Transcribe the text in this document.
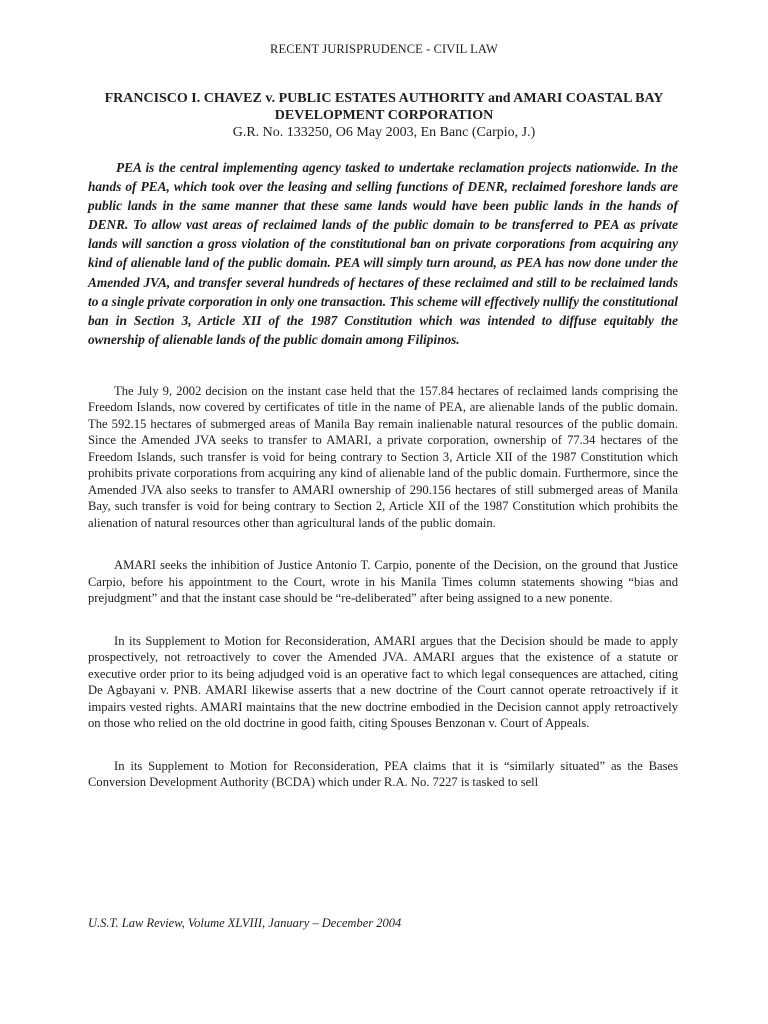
RECENT JURISPRUDENCE - CIVIL LAW

FRANCISCO I. CHAVEZ v. PUBLIC ESTATES AUTHORITY and AMARI COASTAL BAY DEVELOPMENT CORPORATION

G.R. No. 133250, O6 May 2003, En Banc (Carpio, J.)

PEA is the central implementing agency tasked to undertake reclamation projects nationwide. In the hands of PEA, which took over the leasing and selling functions of DENR, reclaimed foreshore lands are public lands in the same manner that these same lands would have been public lands in the hands of DENR. To allow vast areas of reclaimed lands of the public domain to be transferred to PEA as private lands will sanction a gross violation of the constitutional ban on private corporations from acquiring any kind of alienable land of the public domain. PEA will simply turn around, as PEA has now done under the Amended JVA, and transfer several hundreds of hectares of these reclaimed and still to be reclaimed lands to a single private corporation in only one transaction. This scheme will effectively nullify the constitutional ban in Section 3, Article XII of the 1987 Constitution which was intended to diffuse equitably the ownership of alienable lands of the public domain among Filipinos.

The July 9, 2002 decision on the instant case held that the 157.84 hectares of reclaimed lands comprising the Freedom Islands, now covered by certificates of title in the name of PEA, are alienable lands of the public domain. The 592.15 hectares of submerged areas of Manila Bay remain inalienable natural resources of the public domain. Since the Amended JVA seeks to transfer to AMARI, a private corporation, ownership of 77.34 hectares of the Freedom Islands, such transfer is void for being contrary to Section 3, Article XII of the 1987 Constitution which prohibits private corporations from acquiring any kind of alienable land of the public domain. Furthermore, since the Amended JVA also seeks to transfer to AMARI ownership of 290.156 hectares of still submerged areas of Manila Bay, such transfer is void for being contrary to Section 2, Article XII of the 1987 Constitution which prohibits the alienation of natural resources other than agricultural lands of the public domain.

AMARI seeks the inhibition of Justice Antonio T. Carpio, ponente of the Decision, on the ground that Justice Carpio, before his appointment to the Court, wrote in his Manila Times column statements showing “bias and prejudgment” and that the instant case should be “re-deliberated” after being assigned to a new ponente.

In its Supplement to Motion for Reconsideration, AMARI argues that the Decision should be made to apply prospectively, not retroactively to cover the Amended JVA. AMARI argues that the existence of a statute or executive order prior to its being adjudged void is an operative fact to which legal consequences are attached, citing De Agbayani v. PNB. AMARI likewise asserts that a new doctrine of the Court cannot operate retroactively if it impairs vested rights. AMARI maintains that the new doctrine embodied in the Decision cannot apply retroactively on those who relied on the old doctrine in good faith, citing Spouses Benzonan v. Court of Appeals.

In its Supplement to Motion for Reconsideration, PEA claims that it is “similarly situated” as the Bases Conversion Development Authority (BCDA) which under R.A. No. 7227 is tasked to sell

U.S.T. Law Review, Volume XLVIII, January – December 2004
